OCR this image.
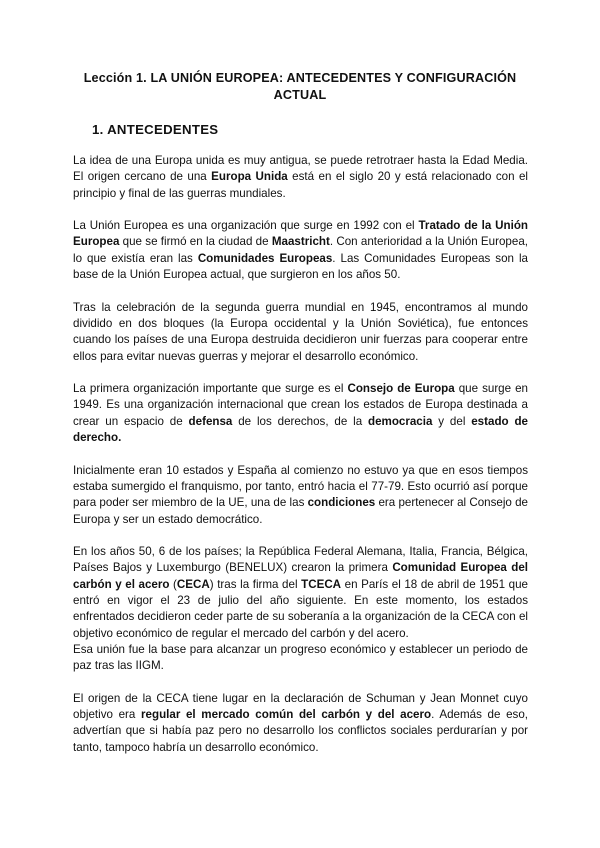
Lección 1. LA UNIÓN EUROPEA: ANTECEDENTES Y CONFIGURACIÓN ACTUAL
1. ANTECEDENTES

La idea de una Europa unida es muy antigua, se puede retrotraer hasta la Edad Media. El origen cercano de una Europa Unida está en el siglo 20 y está relacionado con el principio y final de las guerras mundiales.

La Unión Europea es una organización que surge en 1992 con el Tratado de la Unión Europea que se firmó en la ciudad de Maastricht. Con anterioridad a la Unión Europea, lo que existía eran las Comunidades Europeas. Las Comunidades Europeas son la base de la Unión Europea actual, que surgieron en los años 50.

Tras la celebración de la segunda guerra mundial en 1945, encontramos al mundo dividido en dos bloques (la Europa occidental y la Unión Soviética), fue entonces cuando los países de una Europa destruida decidieron unir fuerzas para cooperar entre ellos para evitar nuevas guerras y mejorar el desarrollo económico.

La primera organización importante que surge es el Consejo de Europa que surge en 1949. Es una organización internacional que crean los estados de Europa destinada a crear un espacio de defensa de los derechos, de la democracia y del estado de derecho.

Inicialmente eran 10 estados y España al comienzo no estuvo ya que en esos tiempos estaba sumergido el franquismo, por tanto, entró hacia el 77-79. Esto ocurrió así porque para poder ser miembro de la UE, una de las condiciones era pertenecer al Consejo de Europa y ser un estado democrático.

En los años 50, 6 de los países; la República Federal Alemana, Italia, Francia, Bélgica, Países Bajos y Luxemburgo (BENELUX) crearon la primera Comunidad Europea del carbón y el acero (CECA) tras la firma del TCECA en París el 18 de abril de 1951 que entró en vigor el 23 de julio del año siguiente. En este momento, los estados enfrentados decidieron ceder parte de su soberanía a la organización de la CECA con el objetivo económico de regular el mercado del carbón y del acero.

Esa unión fue la base para alcanzar un progreso económico y establecer un periodo de paz tras las IIGM.

El origen de la CECA tiene lugar en la declaración de Schuman y Jean Monnet cuyo objetivo era regular el mercado común del carbón y del acero. Además de eso, advertían que si había paz pero no desarrollo los conflictos sociales perdurarían y por tanto, tampoco habría un desarrollo económico.
